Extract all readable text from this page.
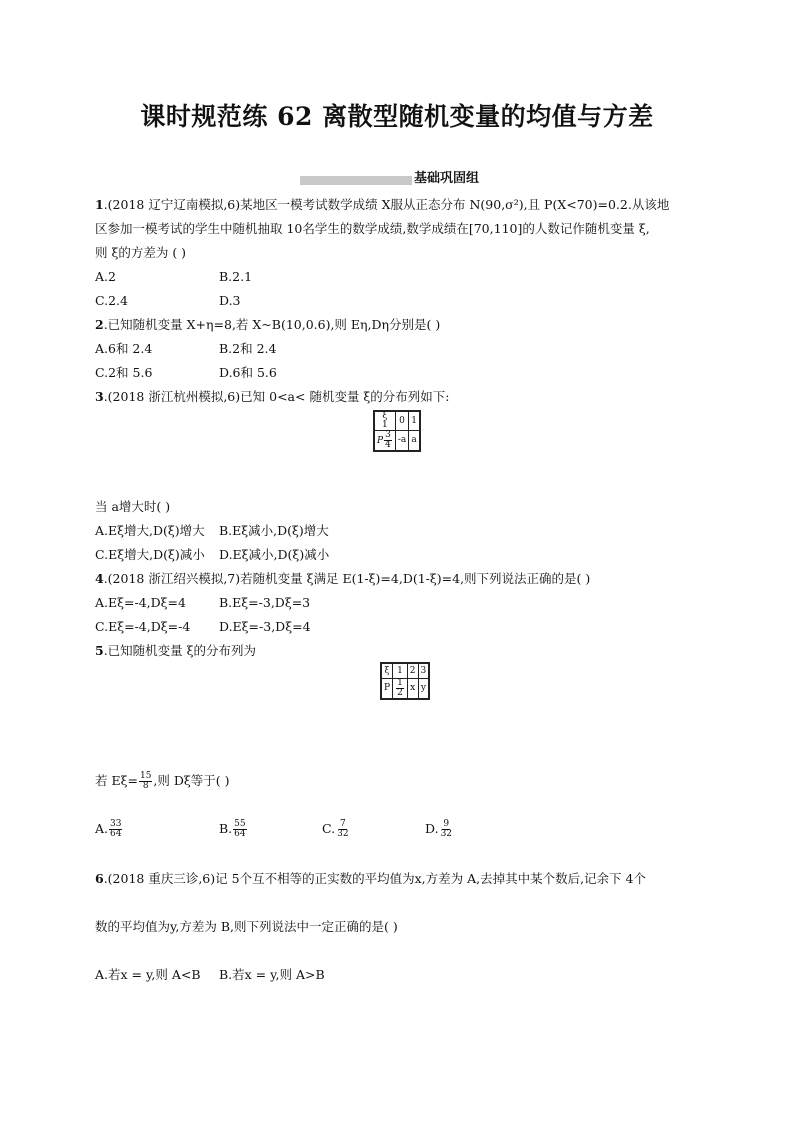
课时规范练 62 离散型随机变量的均值与方差
基础巩固组
1.(2018 辽宁辽南模拟,6)某地区一模考试数学成绩 X服从正态分布 N(90,σ²),且 P(X<70)=0.2.从该地
区参加一模考试的学生中随机抽取 10名学生的数学成绩,数学成绩在[70,110]的人数记作随机变量 ξ,
则 ξ的方差为 ( )
A.2	B.2.1
C.2.4	D.3
2.已知随机变量 X+η=8,若 X~B(10,0.6),则 Eη,Dη分别是( )
A.6和 2.4	B.2和 2.4
C.2和 5.6	D.6和 5.6
3.(2018 浙江杭州模拟,6)已知 0<a< 随机变量 ξ的分布列如下:
ξ
1	0	1
P $\frac{3}{4}$	-a	a
当 a增大时( )
A.Eξ增大,D(ξ)增大 B.Eξ减小,D(ξ)增大
C.Eξ增大,D(ξ)减小 D.Eξ减小,D(ξ)减小
4.(2018 浙江绍兴模拟,7)若随机变量 ξ满足 E(1-ξ)=4,D(1-ξ)=4,则下列说法正确的是( )
A.Eξ=-4,Dξ=4	B.Eξ=-3,Dξ=3
C.Eξ=-4,Dξ=-4 D.Eξ=-3,Dξ=4
5.已知随机变量 ξ的分布列为
ξ	1	2	3
P	$\frac{1}{2}$	x	y
若 $E\xi= \frac{15}{8}$ ,则 Dξ等于( )
A. $\frac{33}{64}$	B. $\frac{55}{64}$	C. $\frac{7}{32}$	D. $\frac{9}{32}$
6.(2018 重庆三诊,6)记 5个互不相等的正实数的平均值为x,方差为 A,去掉其中某个数后,记余下 4个
数的平均值为y,方差为 B,则下列说法中一定正确的是( )
A.若x = y,则 A<B B.若x = y,则 A>B
